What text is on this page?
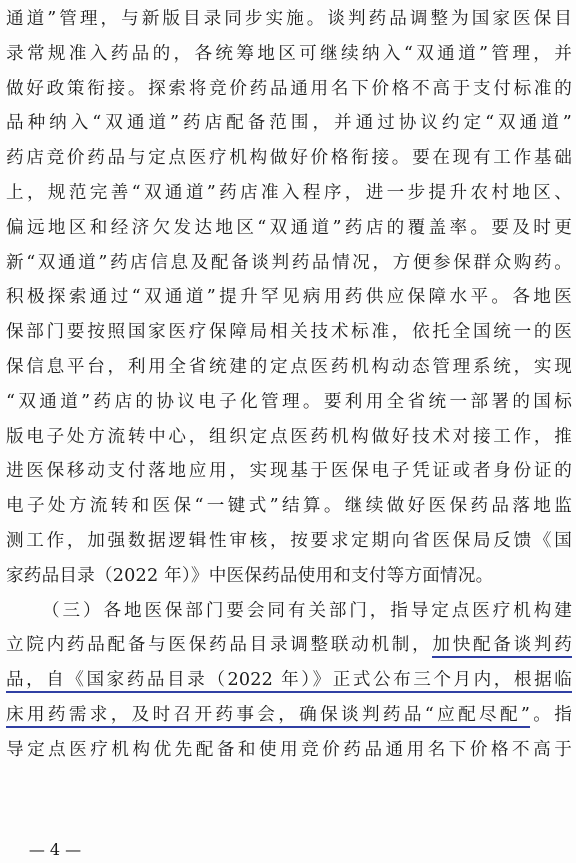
通道”管理，与新版目录同步实施。谈判药品调整为国家医保目
录常规准入药品的，各统筹地区可继续纳入“双通道”管理，并
做好政策衔接。探索将竞价药品通用名下价格不高于支付标准的
品种纳入“双通道”药店配备范围，并通过协议约定“双通道”
药店竞价药品与定点医疗机构做好价格衔接。要在现有工作基础
上，规范完善“双通道”药店准入程序，进一步提升农村地区、
偏远地区和经济欠发达地区“双通道”药店的覆盖率。要及时更
新“双通道”药店信息及配备谈判药品情况，方便参保群众购药。
积极探索通过“双通道”提升罕见病用药供应保障水平。各地医
保部门要按照国家医疗保障局相关技术标准，依托全国统一的医
保信息平台，利用全省统建的定点医药机构动态管理系统，实现
“双通道”药店的协议电子化管理。要利用全省统一部署的国标
版电子处方流转中心，组织定点医药机构做好技术对接工作，推
进医保移动支付落地应用，实现基于医保电子凭证或者身份证的
电子处方流转和医保“一键式”结算。继续做好医保药品落地监
测工作，加强数据逻辑性审核，按要求定期向省医保局反馈《国
家药品目录（2022 年）》中医保药品使用和支付等方面情况。
（三）各地医保部门要会同有关部门，指导定点医疗机构建
立院内药品配备与医保药品目录调整联动机制，加快配备谈判药
品，自《国家药品目录（2022 年）》正式公布三个月内，根据临
床用药需求，及时召开药事会，确保谈判药品“应配尽配”。指
导定点医疗机构优先配备和使用竞价药品通用名下价格不高于
— 4 —
